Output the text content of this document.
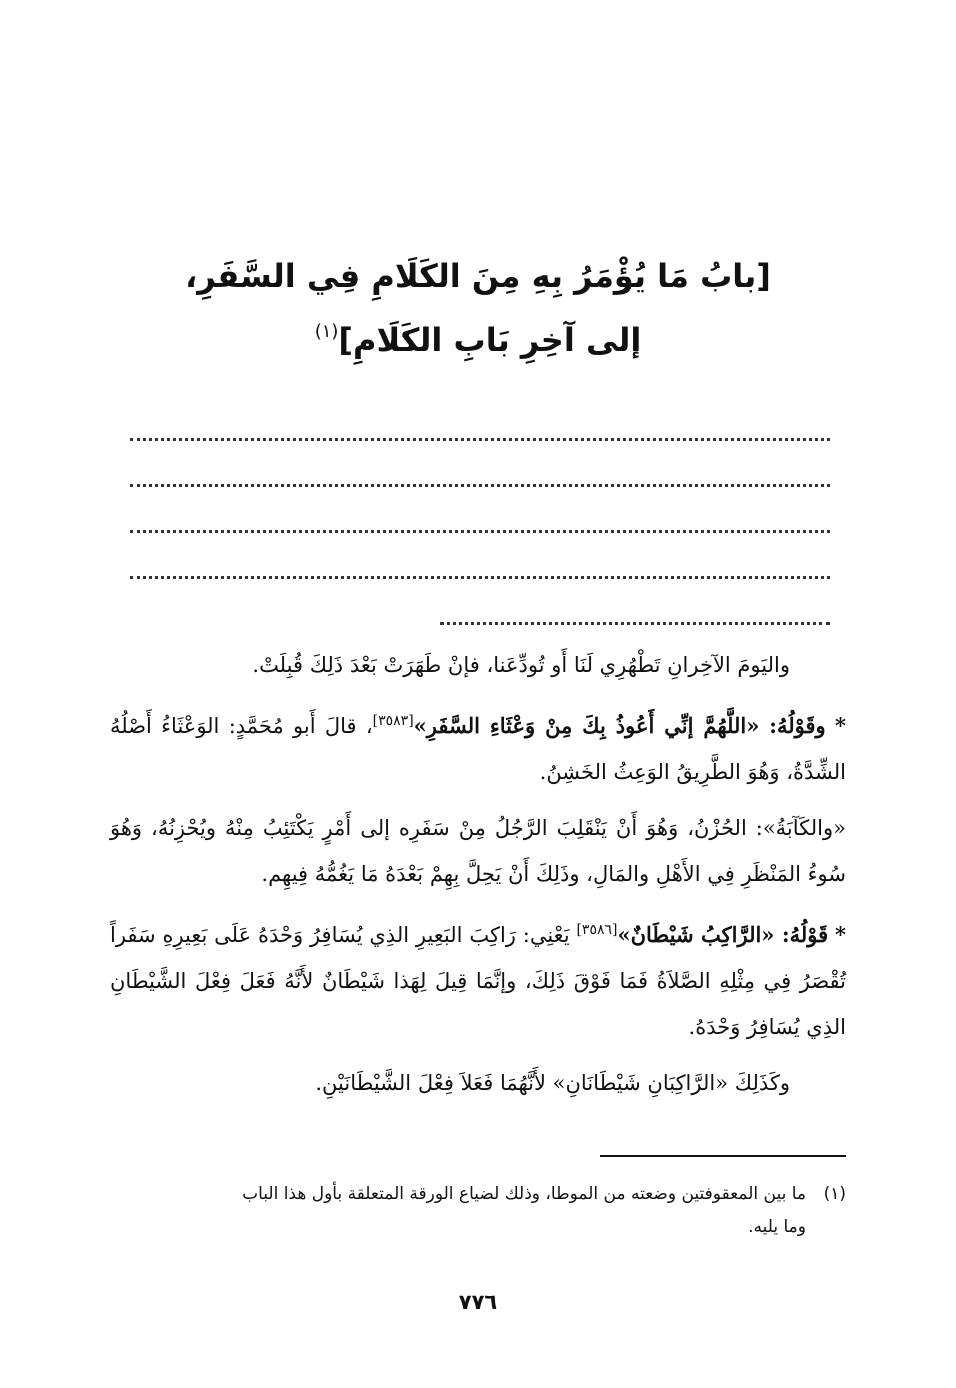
[بابُ مَا يُؤْمَرُ بِهِ مِنَ الكَلَامِ فِي السَّفَرِ،
إلى آخِرِ بَابِ الكَلَامِ]$^{(١)}$

واليَومَ الآخِرانِ تَطْهُرِي لَنَا أَو تُودِّعَنا، فإنْ طَهَرَتْ بَعْدَ ذَلِكَ قُبِلَتْ.

* وقَوْلُهُ: «اللَّهُمَّ إنِّي أَعُوذُ بِكَ مِنْ وَعْثَاءِ السَّفَرِ»[٣٥٨٣]، قالَ أَبو مُحَمَّدٍ: الوَعْثَاءُ أَصْلُهُ الشِّدَّةُ، وَهُوَ الطَّرِيقُ الوَعِثُ الخَشِنُ.

«والكَآبَةُ»: الحُزْنُ، وَهُوَ أَنْ يَنْقَلِبَ الرَّجُلُ مِنْ سَفَرِه إلى أَمْرٍ يَكْتَئِبُ مِنْهُ ويُحْزِنُهُ، وَهُوَ سُوءُ المَنْظَرِ فِي الأَهْلِ والمَالِ، وذَلِكَ أَنْ يَحِلَّ بِهِمْ بَعْدَهُ مَا يَغُمُّهُ فِيهِم.

* قَوْلُهُ: «الرَّاكِبُ شَيْطَانٌ»[٣٥٨٦] يَعْنِي: رَاكِبَ البَعِيرِ الذِي يُسَافِرُ وَحْدَهُ عَلَى بَعِيرِهِ سَفَراً تُقْصَرُ فِي مِثْلِهِ الصَّلاَةُ فَمَا فَوْقَ ذَلِكَ، وإنَّمَا قِيلَ لِهَذا شَيْطَانٌ لأَنَّهُ فَعَلَ فِعْلَ الشَّيْطَانِ الذِي يُسَافِرُ وَحْدَهُ.

وكَذَلِكَ «الرَّاكِبَانِ شَيْطَانَانِ» لأَنَّهُمَا فَعَلاَ فِعْلَ الشَّيْطَانَيْنِ.

(١)ما بين المعقوفتين وضعته من الموطا، وذلك لضياع الورقة المتعلقة بأول هذا الباب
وما يليه.
٧٧٦
